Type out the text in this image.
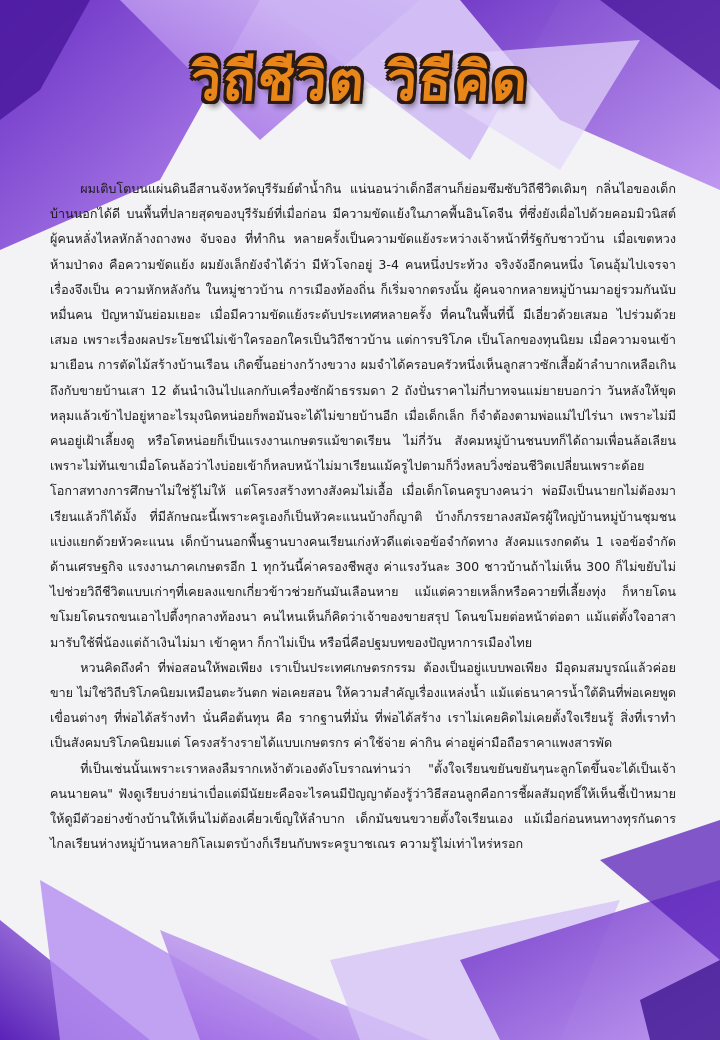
วิถีชีวิต วิธีคิด

ผมเติบโตบนแผ่นดินอีสานจังหวัดบุรีรัมย์ตำน้ำกิน แน่นอนว่าเด็กอีสานก็ย่อมซึมซับวิถีชีวิตเดิมๆ กลิ่นไอของเด็กบ้านนอกได้ดี บนพื้นที่ปลายสุดของบุรีรัมย์ที่เมื่อก่อน มีความขัดแย้งในภาคพื้นอินโดจีน ที่ซึ่งยังเผื่อไปด้วยคอมมิวนิสต์ ผู้คนหลั่งไหลหักล้างถางพง จับจอง ที่ทำกิน หลายครั้งเป็นความขัดแย้งระหว่างเจ้าหน้าที่รัฐกับชาวบ้าน เมื่อเขตหวงห้ามป่าดง คือความขัดแย้ง ผมยังเล็กยังจำได้ว่า มีหัวโจกอยู่ 3-4 คนหนึ่งประท้วง จริงจังอีกคนหนึ่ง โดนอุ้มไปเจรจา เรื่องจึงเป็น ความหักหลังกัน ในหมู่ชาวบ้าน การเมืองท้องถิ่น ก็เริ่มจากตรงนั้น ผู้คนจากหลายหมู่บ้านมาอยู่รวมกันนับหมื่นคน ปัญหามันย่อมเยอะ เมื่อมีความขัดแย้งระดับประเทศหลายครั้ง ที่คนในพื้นที่นี้ มีเอี่ยวด้วยเสมอ ไปร่วมด้วยเสมอ เพราะเรื่องผลประโยชน์ไม่เข้าใครออกใครเป็นวิถีชาวบ้าน แต่การบริโภค เป็นโลกของทุนนิยม เมื่อความจนเข้ามาเยือน การตัดไม้สร้างบ้านเรือน เกิดขึ้นอย่างกว้างขวาง ผมจำได้ครอบครัวหนึ่งเห็นลูกสาวซักเสื้อผ้าลำบากเหลือเกิน ถึงกับขายบ้านเสา 12 ต้นนำเงินไปแลกกับเครื่องซักผ้าธรรมดา 2 ถังปั่นราคาไม่กี่บาทจนแม่ยายบอกว่า วันหลังให้ขุดหลุมแล้วเข้าไปอยู่หาอะไรมุงนิดหน่อยก็พอมันจะได้ไม่ขายบ้านอีก เมื่อเด็กเล็ก ก็จำต้องตามพ่อแม่ไปไร่นา เพราะไม่มีคนอยู่เฝ้าเลี้ยงดู หรือโตหน่อยก็เป็นแรงงานเกษตรแม้ขาดเรียน ไม่กี่วัน สังคมหมู่บ้านชนบทก็ได้ถามเพื่อนล้อเลียนเพราะไม่ทันเขาเมื่อโดนล้อว่าไงบ่อยเข้าก็หลบหน้าไม่มาเรียนแม้ครูไปตามก็วิ่งหลบวิ่งซ่อนชีวิตเปลี่ยนเพราะด้อยโอกาสทางการศึกษาไม่ใช่รู้ไม่ให้ แต่โครงสร้างทางสังคมไม่เอื้อ เมื่อเด็กโดนครูบางคนว่า พ่อมึงเป็นนายกไม่ต้องมาเรียนแล้วก็ได้มั้ง ที่มีลักษณะนี้เพราะครูเองก็เป็นหัวคะแนนบ้างก็ญาติ บ้างก็ภรรยาลงสมัครผู้ใหญ่บ้านหมู่บ้านชุมชนแบ่งแยกด้วยหัวคะแนน เด็กบ้านนอกพื้นฐานบางคนเรียนเก่งหัวดีแต่เจอข้อจำกัดทาง สังคมแรงกดดัน 1 เจอข้อจำกัดด้านเศรษฐกิจ แรงงานภาคเกษตรอีก 1 ทุกวันนี้ค่าครองชีพสูง ค่าแรงวันละ 300 ชาวบ้านถ้าไม่เห็น 300 ก็ไม่ขยับไม่ไปช่วยวิถีชีวิตแบบเก่าๆที่เคยลงแขกเกี่ยวข้าวช่วยกันมันเลือนหาย แม้แต่ควายเหล็กหรือควายที่เลี้ยงทุ่ง ก็หายโดนขโมยโดนรถขนเอาไปตี้งๆกลางท้องนา คนไหนเห็นก็คิดว่าเจ้าของขายสรุป โดนขโมยต่อหน้าต่อตา แม้แต่ตั้งใจอาสามารับใช้พี่น้องแต่ถ้าเงินไม่มา เข้าคูหา ก็กาไม่เป็น หรือนี่คือปฐมบทของปัญหาการเมืองไทย

หวนคิดถึงคำ ที่พ่อสอนให้พอเพียง เราเป็นประเทศเกษตรกรรม ต้องเป็นอยู่แบบพอเพียง มีอุดมสมบูรณ์แล้วค่อยขาย ไม่ใช่วิถีบริโภคนิยมเหมือนตะวันตก พ่อเคยสอน ให้ความสำคัญเรื่องแหล่งน้ำ แม้แต่ธนาคารน้ำใต้ดินที่พ่อเคยพูด เขื่อนต่างๆ ที่พ่อได้สร้างทำ นั่นคือต้นทุน คือ รากฐานที่มั่น ที่พ่อได้สร้าง เราไม่เคยคิดไม่เคยตั้งใจเรียนรู้ สิ่งที่เราทำเป็นสังคมบริโภคนิยมแต่ โครงสร้างรายได้แบบเกษตรกร ค่าใช้จ่าย ค่ากิน ค่าอยู่ค่ามือถือราคาแพงสารพัด

ที่เป็นเช่นนั้นเพราะเราหลงลืมรากเหง้าตัวเองดังโบราณท่านว่า "ตั้งใจเรียนขยันขยันๆนะลูกโตขึ้นจะได้เป็นเจ้าคนนายคน" ฟังดูเรียบง่ายน่าเบื่อแต่มีนัยยะคือจะไรคนมีปัญญาต้องรู้ว่าวิธีสอนลูกคือการชี้ผลสัมฤทธิ์ให้เห็นชี้เป้าหมายให้ดูมีตัวอย่างข้างบ้านให้เห็นไม่ต้องเคี่ยวเข็ญให้ลำบาก เด็กมันขนขวายตั้งใจเรียนเอง แม้เมื่อก่อนหนทางทุรกันดารไกลเรียนห่างหมู่บ้านหลายกิโลเมตรบ้างก็เรียนกับพระครูบาชเณร ความรู้ไม่เท่าไหร่หรอก
